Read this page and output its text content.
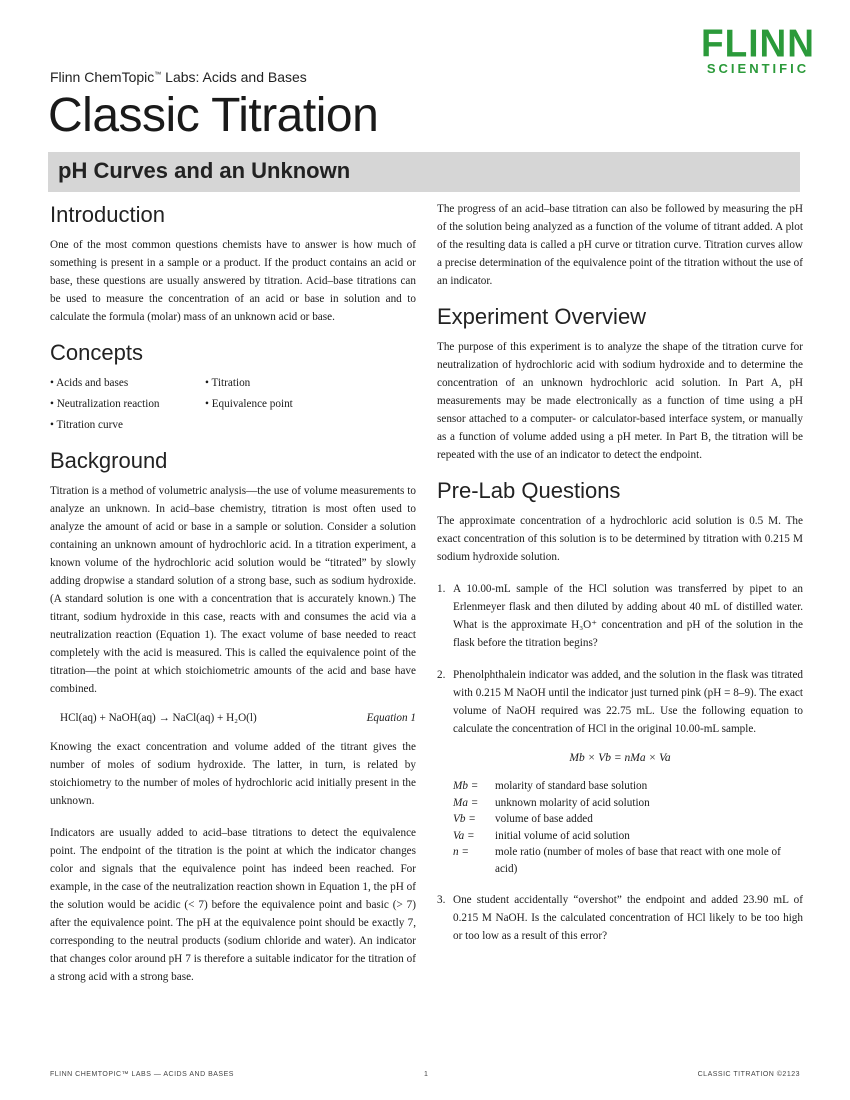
FLINN
SCIENTIFIC
Flinn ChemTopic™ Labs: Acids and Bases
Classic Titration
pH Curves and an Unknown
Introduction

One of the most common questions chemists have to answer is how much of something is present in a sample or a product. If the product contains an acid or base, these questions are usually answered by titration. Acid–base titrations can be used to measure the concentration of an acid or base in solution and to calculate the formula (molar) mass of an unknown acid or base.

Concepts
• Acids and bases	• Titration
• Neutralization reaction	• Equivalence point
• Titration curve
Background

Titration is a method of volumetric analysis—the use of volume measurements to analyze an unknown. In acid–base chemistry, titration is most often used to analyze the amount of acid or base in a sample or solution. Consider a solution containing an unknown amount of hydrochloric acid. In a titration experiment, a known volume of the hydrochloric acid solution would be “titrated” by slowly adding dropwise a standard solution of a strong base, such as sodium hydroxide. (A standard solution is one with a concentration that is accurately known.) The titrant, sodium hydroxide in this case, reacts with and consumes the acid via a neutralization reaction (Equation 1). The exact volume of base needed to react completely with the acid is measured. This is called the equivalence point of the titration—the point at which stoichiometric amounts of the acid and base have combined.

HCl(aq) + NaOH(aq) → NaCl(aq) + H₂O(l)	Equation 1

Knowing the exact concentration and volume added of the titrant gives the number of moles of sodium hydroxide. The latter, in turn, is related by stoichiometry to the number of moles of hydrochloric acid initially present in the unknown.

Indicators are usually added to acid–base titrations to detect the equivalence point. The endpoint of the titration is the point at which the indicator changes color and signals that the equivalence point has indeed been reached. For example, in the case of the neutralization reaction shown in Equation 1, the pH of the solution would be acidic (< 7) before the equivalence point and basic (> 7) after the equivalence point. The pH at the equivalence point should be exactly 7, corresponding to the neutral products (sodium chloride and water). An indicator that changes color around pH 7 is therefore a suitable indicator for the titration of a strong acid with a strong base.

The progress of an acid–base titration can also be followed by measuring the pH of the solution being analyzed as a function of the volume of titrant added. A plot of the resulting data is called a pH curve or titration curve. Titration curves allow a precise determination of the equivalence point of the titration without the use of an indicator.

Experiment Overview

The purpose of this experiment is to analyze the shape of the titration curve for neutralization of hydrochloric acid with sodium hydroxide and to determine the concentration of an unknown hydrochloric acid solution. In Part A, pH measurements may be made electronically as a function of time using a pH sensor attached to a computer- or calculator-based interface system, or manually as a function of volume added using a pH meter. In Part B, the titration will be repeated with the use of an indicator to detect the endpoint.

Pre-Lab Questions

The approximate concentration of a hydrochloric acid solution is 0.5 M. The exact concentration of this solution is to be determined by titration with 0.215 M sodium hydroxide solution.

1. A 10.00-mL sample of the HCl solution was transferred by pipet to an Erlenmeyer flask and then diluted by adding about 40 mL of distilled water. What is the approximate H₃O⁺ concentration and pH of the solution in the flask before the titration begins?
2. Phenolphthalein indicator was added, and the solution in the flask was titrated with 0.215 M NaOH until the indicator just turned pink (pH = 8–9). The exact volume of NaOH required was 22.75 mL. Use the following equation to calculate the concentration of HCl in the original 10.00-mL sample.
Mb × Vb = nMa × Va
Mb =	molarity of standard base solution
Ma =	unknown molarity of acid solution
Vb =	volume of base added
Va =	initial volume of acid solution
n =	mole ratio (number of moles of base that react with one mole of acid)
3. One student accidentally “overshot” the endpoint and added 23.90 mL of 0.215 M NaOH. Is the calculated concentration of HCl likely to be too high or too low as a result of this error?
FLINN CHEMTOPIC™ LABS — ACIDS AND BASES	1	CLASSIC TITRATION ©2123
